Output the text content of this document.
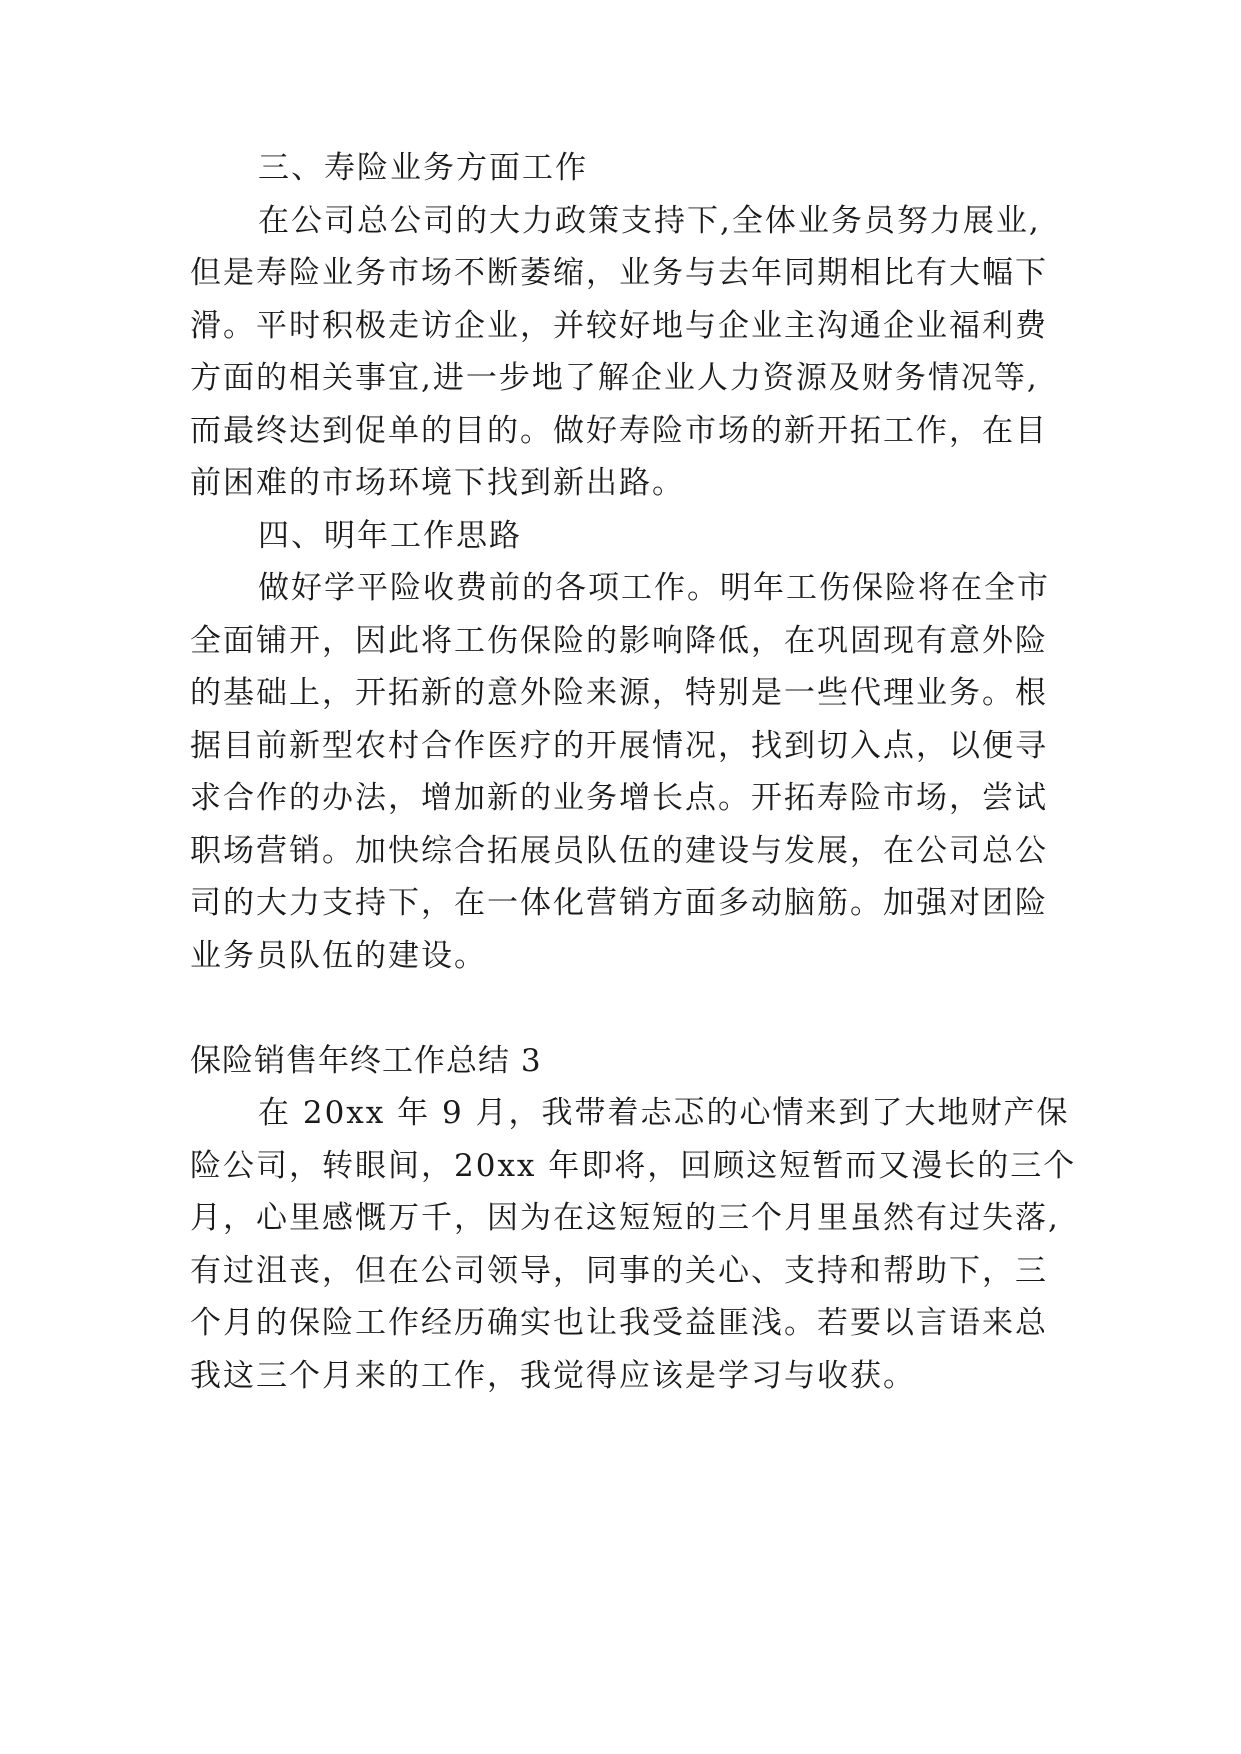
三、寿险业务方面工作
在公司总公司的大力政策支持下,全体业务员努力展业,
但是寿险业务市场不断萎缩，业务与去年同期相比有大幅下
滑。平时积极走访企业，并较好地与企业主沟通企业福利费
方面的相关事宜,进一步地了解企业人力资源及财务情况等,
而最终达到促单的目的。做好寿险市场的新开拓工作，在目
前困难的市场环境下找到新出路。
四、明年工作思路
做好学平险收费前的各项工作。明年工伤保险将在全市
全面铺开，因此将工伤保险的影响降低，在巩固现有意外险
的基础上，开拓新的意外险来源，特别是一些代理业务。根
据目前新型农村合作医疗的开展情况，找到切入点，以便寻
求合作的办法，增加新的业务增长点。开拓寿险市场，尝试
职场营销。加快综合拓展员队伍的建设与发展，在公司总公
司的大力支持下，在一体化营销方面多动脑筋。加强对团险
业务员队伍的建设。
保险销售年终工作总结 3
在 20xx 年 9 月，我带着忐忑的心情来到了大地财产保
险公司，转眼间，20xx 年即将，回顾这短暂而又漫长的三个
月，心里感慨万千，因为在这短短的三个月里虽然有过失落,
有过沮丧，但在公司领导，同事的关心、支持和帮助下，三
个月的保险工作经历确实也让我受益匪浅。若要以言语来总
我这三个月来的工作，我觉得应该是学习与收获。
